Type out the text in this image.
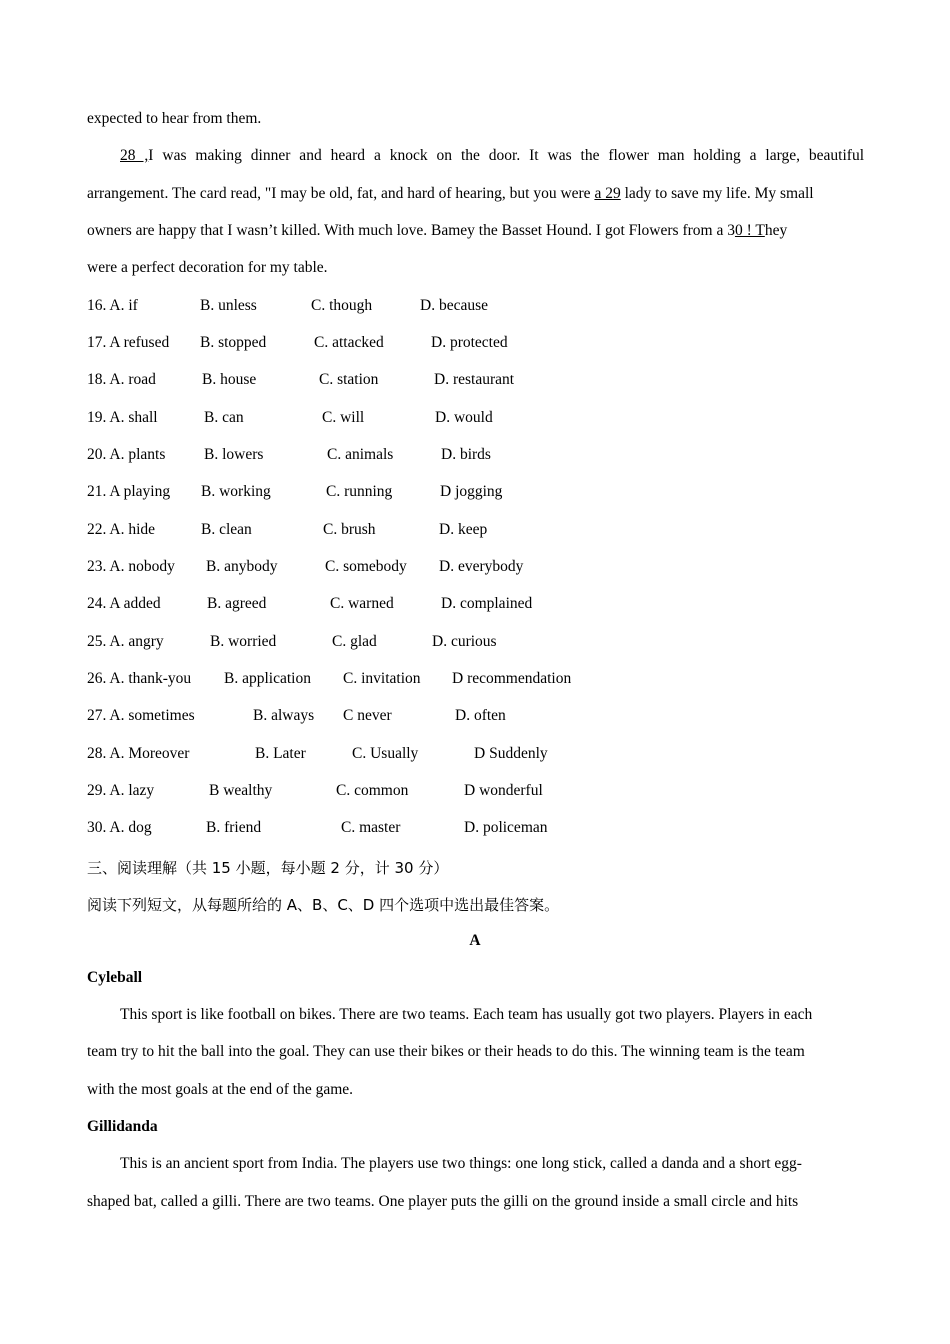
expected to hear from them.
28 ,I was making dinner and heard a knock on the door. It was the flower man holding a large, beautiful
arrangement. The card read, "I may be old, fat, and hard of hearing, but you were a 29 lady to save my life. My small
owners are happy that I wasn’t killed. With much love. Bamey the Basset Hound. I got Flowers from a 30 ! They
were a perfect decoration for my table.
16. A. if	B. unless	C. though	D. because
17. A refused B. stopped	C. attacked	D. protected
18. A. road	B. house	C. station	D. restaurant
19. A. shall	B. can	C. will	D. would
20. A. plants B. lowers	C. animals	D. birds
21. A playing B. working	C. running	D jogging
22. A. hide	B. clean	C. brush	D. keep
23. A. nobody B. anybody	C. somebody D. everybody
24. A added	B. agreed	C. warned	D. complained
25. A. angry	B. worried	C. glad	D. curious
26. A. thank-you B. application C. invitation D recommendation
27. A. sometimes	B. always C never	D. often
28. A. Moreover	B. Later	C. Usually	D Suddenly
29. A. lazy	B wealthy	C. common	D wonderful
30. A. dog	B. friend	C. master	D. policeman
三、阅读理解（共 15 小题，每小题 2 分，计 30 分）
阅读下列短文，从每题所给的 A、B、C、D 四个选项中选出最佳答案。
A
Cyleball
This sport is like football on bikes. There are two teams. Each team has usually got two players. Players in each
team try to hit the ball into the goal. They can use their bikes or their heads to do this. The winning team is the team
with the most goals at the end of the game.
Gillidanda
This is an ancient sport from India. The players use two things: one long stick, called a danda and a short egg-
shaped bat, called a gilli. There are two teams. One player puts the gilli on the ground inside a small circle and hits
